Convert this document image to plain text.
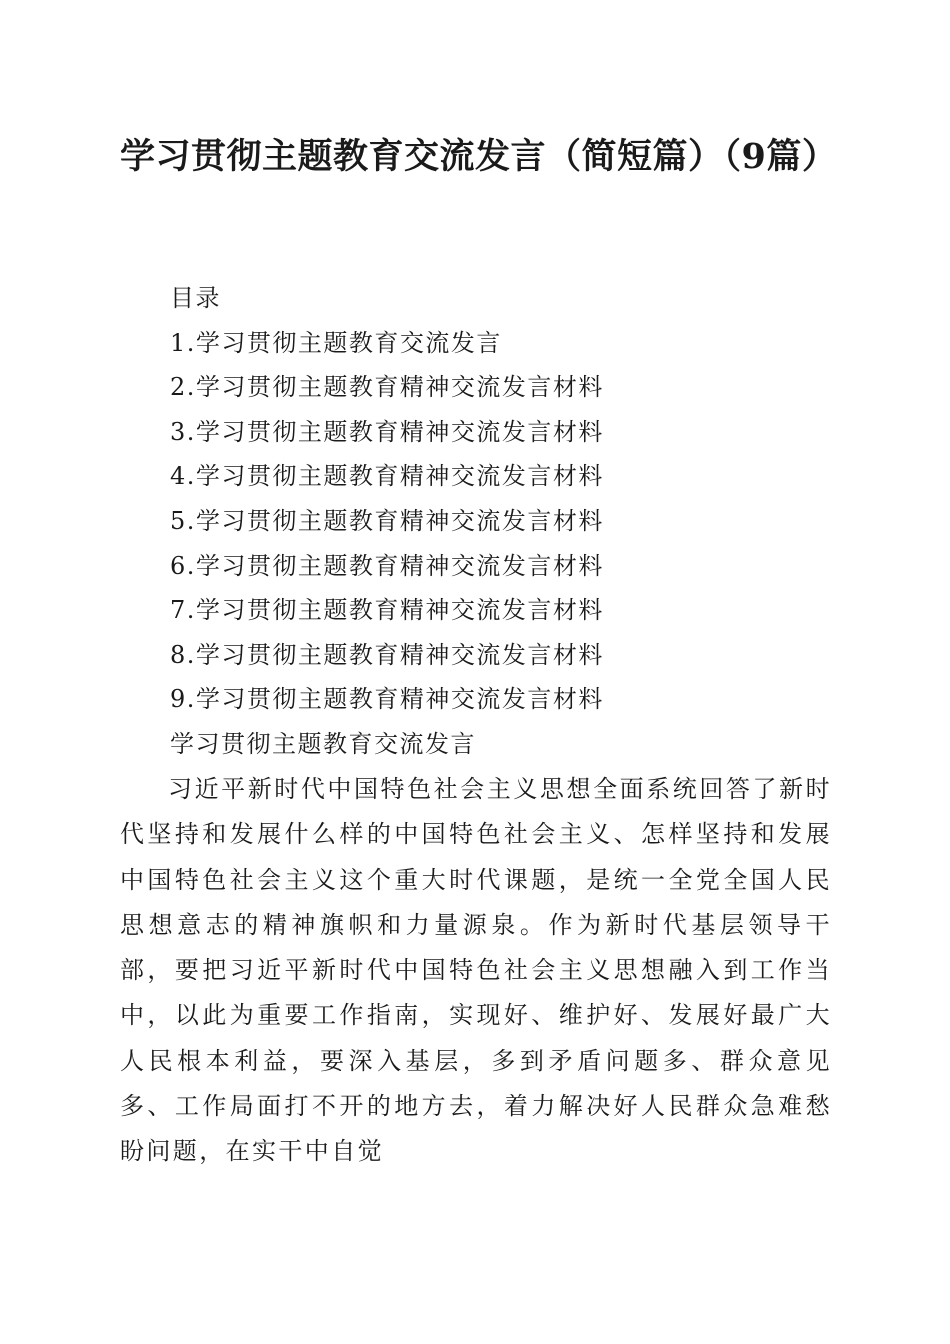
学习贯彻主题教育交流发言（简短篇）（9篇）
目录
1.学习贯彻主题教育交流发言
2.学习贯彻主题教育精神交流发言材料
3.学习贯彻主题教育精神交流发言材料
4.学习贯彻主题教育精神交流发言材料
5.学习贯彻主题教育精神交流发言材料
6.学习贯彻主题教育精神交流发言材料
7.学习贯彻主题教育精神交流发言材料
8.学习贯彻主题教育精神交流发言材料
9.学习贯彻主题教育精神交流发言材料
学习贯彻主题教育交流发言

习近平新时代中国特色社会主义思想全面系统回答了新时代坚持和发展什么样的中国特色社会主义、怎样坚持和发展中国特色社会主义这个重大时代课题，是统一全党全国人民思想意志的精神旗帜和力量源泉。作为新时代基层领导干部，要把习近平新时代中国特色社会主义思想融入到工作当中，以此为重要工作指南，实现好、维护好、发展好最广大人民根本利益，要深入基层，多到矛盾问题多、群众意见多、工作局面打不开的地方去，着力解决好人民群众急难愁盼问题，在实干中自觉
